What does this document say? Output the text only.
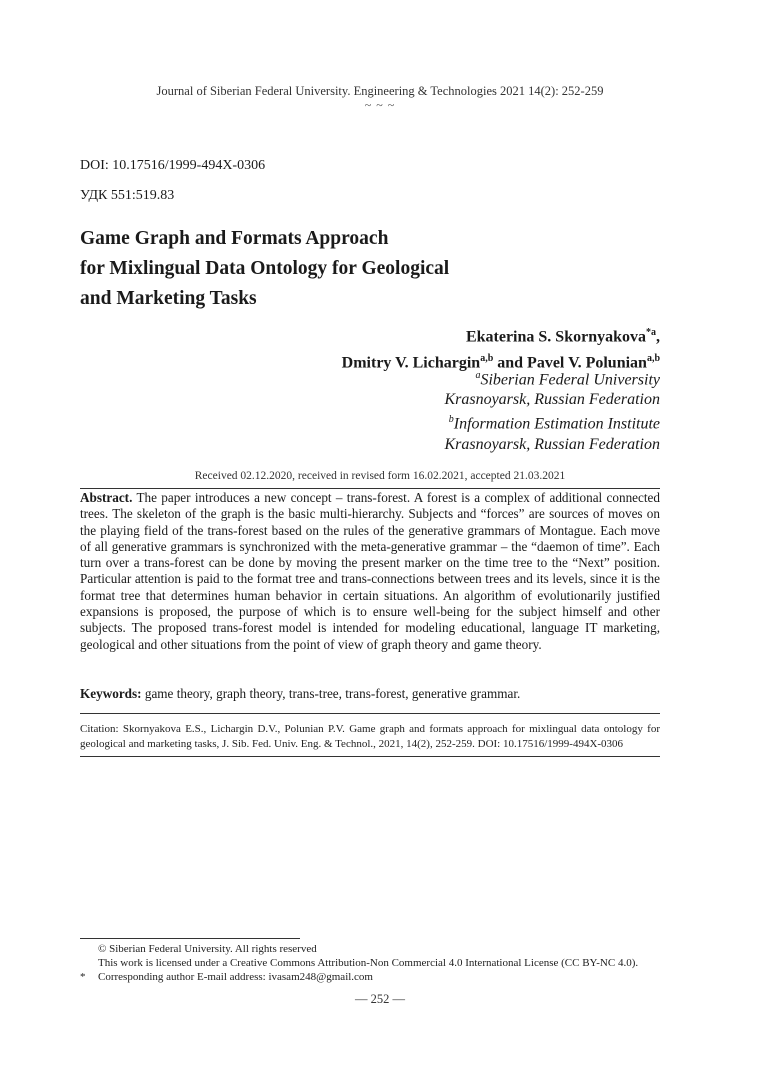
Journal of Siberian Federal University. Engineering & Technologies 2021 14(2): 252-259
~ ~ ~
DOI: 10.17516/1999-494X-0306
УДК 551:519.83
Game Graph and Formats Approach
for Mixlingual Data Ontology for Geological
and Marketing Tasks
Ekaterina S. Skornyakova$^{*a}$,
Dmitry V. Lichargin$^{a,b}$ and Pavel V. Polunian$^{a,b}$
$^a$Siberian Federal University
Krasnoyarsk, Russian Federation
$^b$Information Estimation Institute
Krasnoyarsk, Russian Federation
Received 02.12.2020, received in revised form 16.02.2021, accepted 21.03.2021
Abstract. The paper introduces a new concept – trans-forest. A forest is a complex of additional connected trees. The skeleton of the graph is the basic multi-hierarchy. Subjects and “forces” are sources of moves on the playing field of the trans-forest based on the rules of the generative grammars of Montague. Each move of all generative grammars is synchronized with the meta-generative grammar – the “daemon of time”. Each turn over a trans-forest can be done by moving the present marker on the time tree to the “Next” position. Particular attention is paid to the format tree and trans-connections between trees and its levels, since it is the format tree that determines human behavior in certain situations. An algorithm of evolutionarily justified expansions is proposed, the purpose of which is to ensure well-being for the subject himself and other subjects. The proposed trans-forest model is intended for modeling educational, language IT marketing, geological and other situations from the point of view of graph theory and game theory.
Keywords: game theory, graph theory, trans-tree, trans-forest, generative grammar.
Citation: Skornyakova E.S., Lichargin D.V., Polunian P.V. Game graph and formats approach for mixlingual data ontology for geological and marketing tasks, J. Sib. Fed. Univ. Eng. & Technol., 2021, 14(2), 252-259. DOI: 10.17516/1999-494X-0306
© Siberian Federal University. All rights reserved
This work is licensed under a Creative Commons Attribution-Non Commercial 4.0 International License (CC BY-NC 4.0).
* Corresponding author E-mail address: ivasam248@gmail.com
— 252 —
